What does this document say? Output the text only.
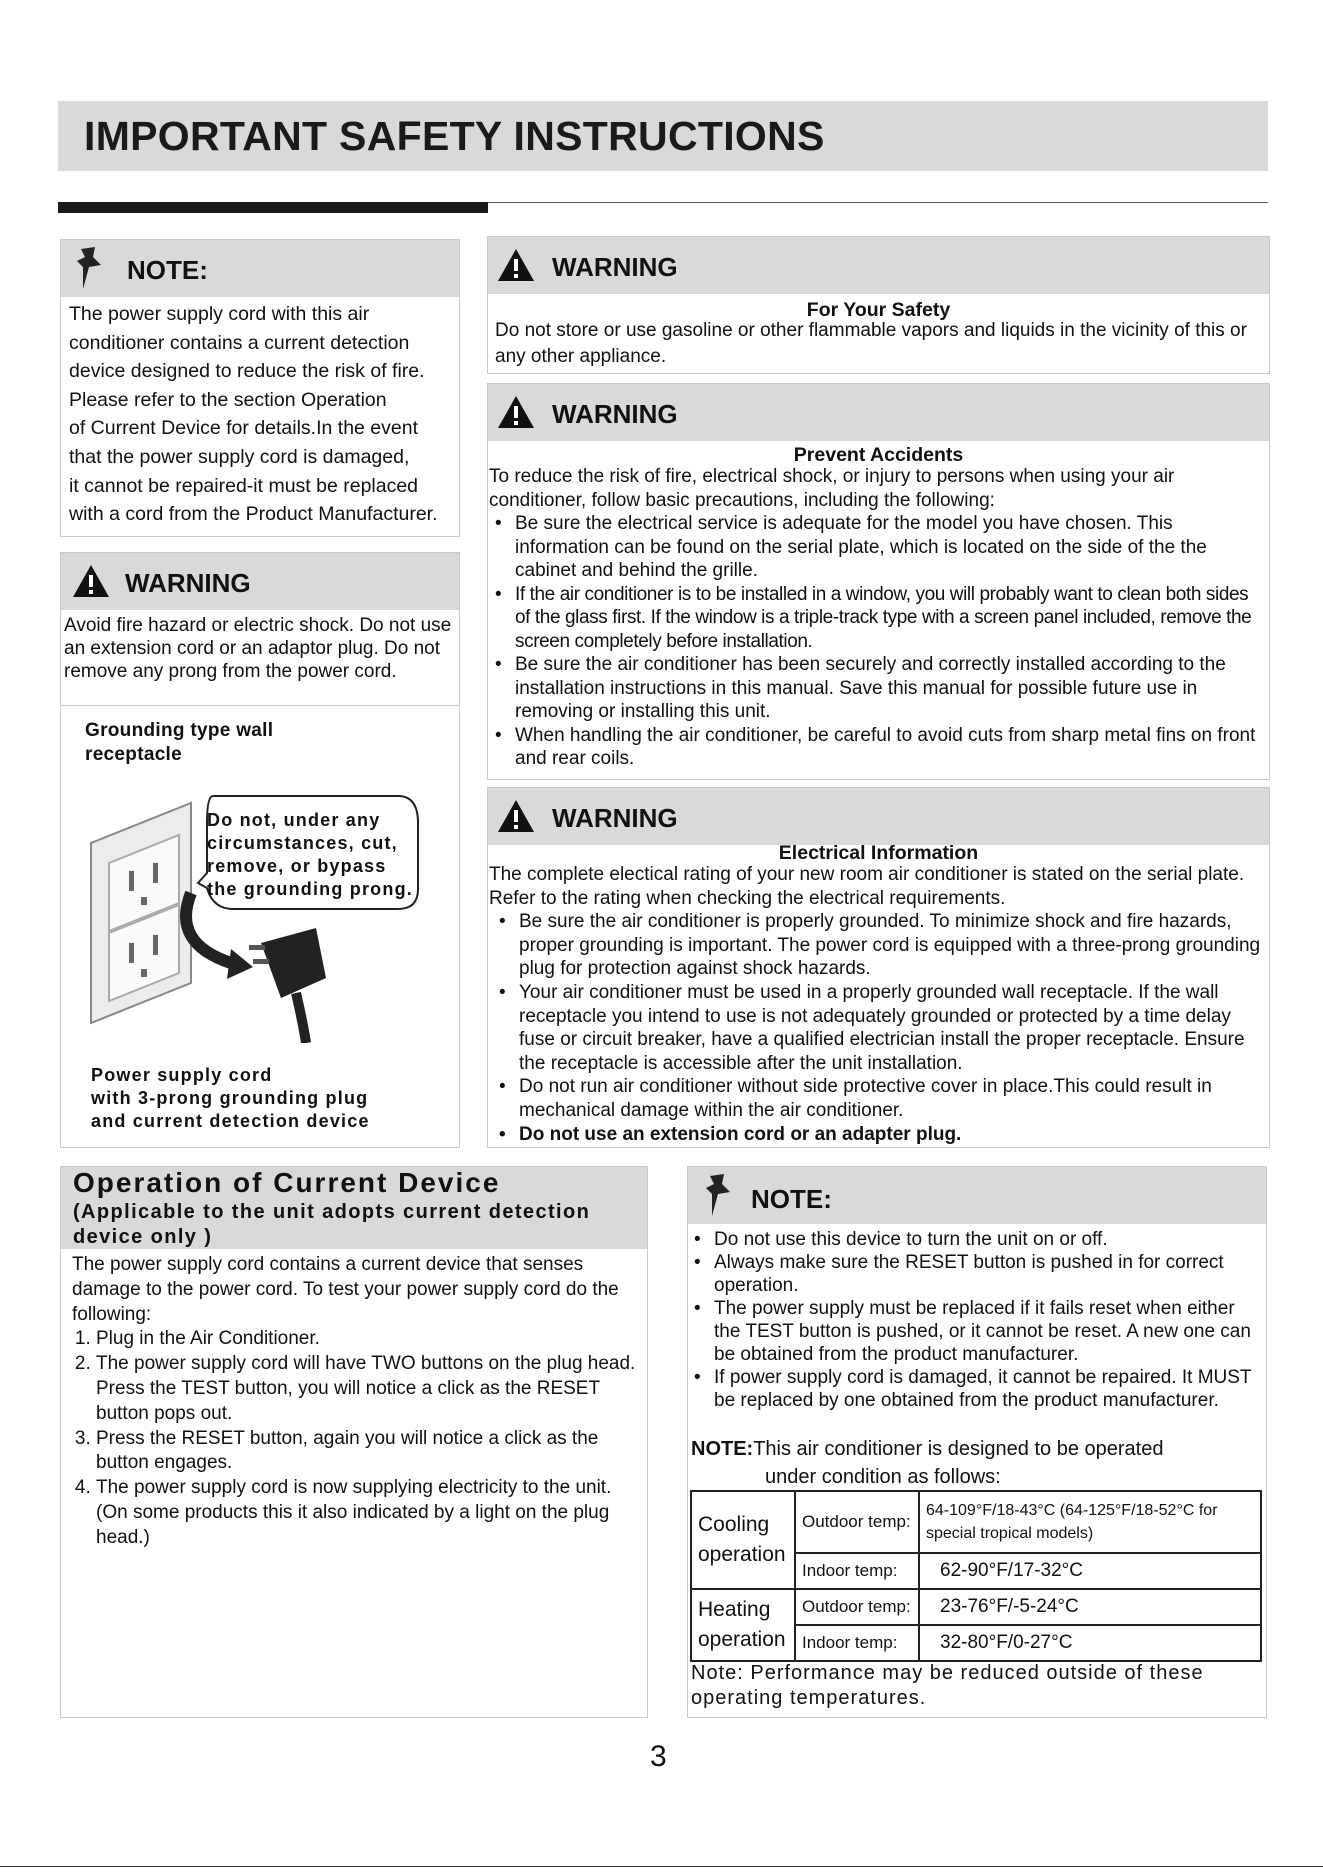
IMPORTANT SAFETY INSTRUCTIONS
NOTE:
The power supply cord with this air
conditioner contains a current detection
device designed to reduce the risk of fire.
Please refer to the section Operation
of Current Device for details.In the event
that the power supply cord is damaged,
it cannot be repaired-it must be replaced
with a cord from the Product Manufacturer.
WARNING
Avoid fire hazard or electric shock. Do not use an extension cord or an adaptor plug. Do not remove any prong from the power cord.
Grounding type wall
receptacle
Do not, under any
circumstances, cut,
remove, or bypass
the grounding prong.
Power supply cord
with 3-prong grounding plug
and current detection device
WARNING
For Your Safety
Do not store or use gasoline or other flammable vapors and liquids in the vicinity of this or any other appliance.
WARNING
Prevent Accidents
To reduce the risk of fire, electrical shock, or injury to persons when using your air conditioner, follow basic precautions, including the following:
• Be sure the electrical service is adequate for the model you have chosen. This information can be found on the serial plate, which is located on the side of the the cabinet and behind the grille.
• If the air conditioner is to be installed in a window, you will probably want to clean both sides of the glass first. If the window is a triple-track type with a screen panel included, remove the screen completely before installation.
• Be sure the air conditioner has been securely and correctly installed according to the installation instructions in this manual. Save this manual for possible future use in removing or installing this unit.
• When handling the air conditioner, be careful to avoid cuts from sharp metal fins on front and rear coils.
WARNING
Electrical Information
The complete electical rating of your new room air conditioner is stated on the serial plate. Refer to the rating when checking the electrical requirements.
• Be sure the air conditioner is properly grounded. To minimize shock and fire hazards, proper grounding is important. The power cord is equipped with a three-prong grounding plug for protection against shock hazards.
• Your air conditioner must be used in a properly grounded wall receptacle. If the wall receptacle you intend to use is not adequately grounded or protected by a time delay fuse or circuit breaker, have a qualified electrician install the proper receptacle. Ensure the receptacle is accessible after the unit installation.
• Do not run air conditioner without side protective cover in place.This could result in mechanical damage within the air conditioner.
• Do not use an extension cord or an adapter plug.
Operation of Current Device
(Applicable to the unit adopts current detection device only )
The power supply cord contains a current device that senses damage to the power cord. To test your power supply cord do the following:
1. Plug in the Air Conditioner.
2. The power supply cord will have TWO buttons on the plug head. Press the TEST button, you will notice a click as the RESET button pops out.
3. Press the RESET button, again you will notice a click as the button engages.
4. The power supply cord is now supplying electricity to the unit. (On some products this it also indicated by a light on the plug head.)
NOTE:
• Do not use this device to turn the unit on or off.
• Always make sure the RESET button is pushed in for correct operation.
• The power supply must be replaced if it fails reset when either the TEST button is pushed, or it cannot be reset. A new one can be obtained from the product manufacturer.
• If power supply cord is damaged, it cannot be repaired. It MUST be replaced by one obtained from the product manufacturer.
NOTE:This air conditioner is designed to be operated
under condition as follows:
Cooling operation	Outdoor temp:	64-109°F/18-43°C (64-125°F/18-52°C for special tropical models)
	Indoor temp:	62-90°F/17-32°C
Heating operation	Outdoor temp:	23-76°F/-5-24°C
	Indoor temp:	32-80°F/0-27°C
Note: Performance may be reduced outside of these operating temperatures.
3
